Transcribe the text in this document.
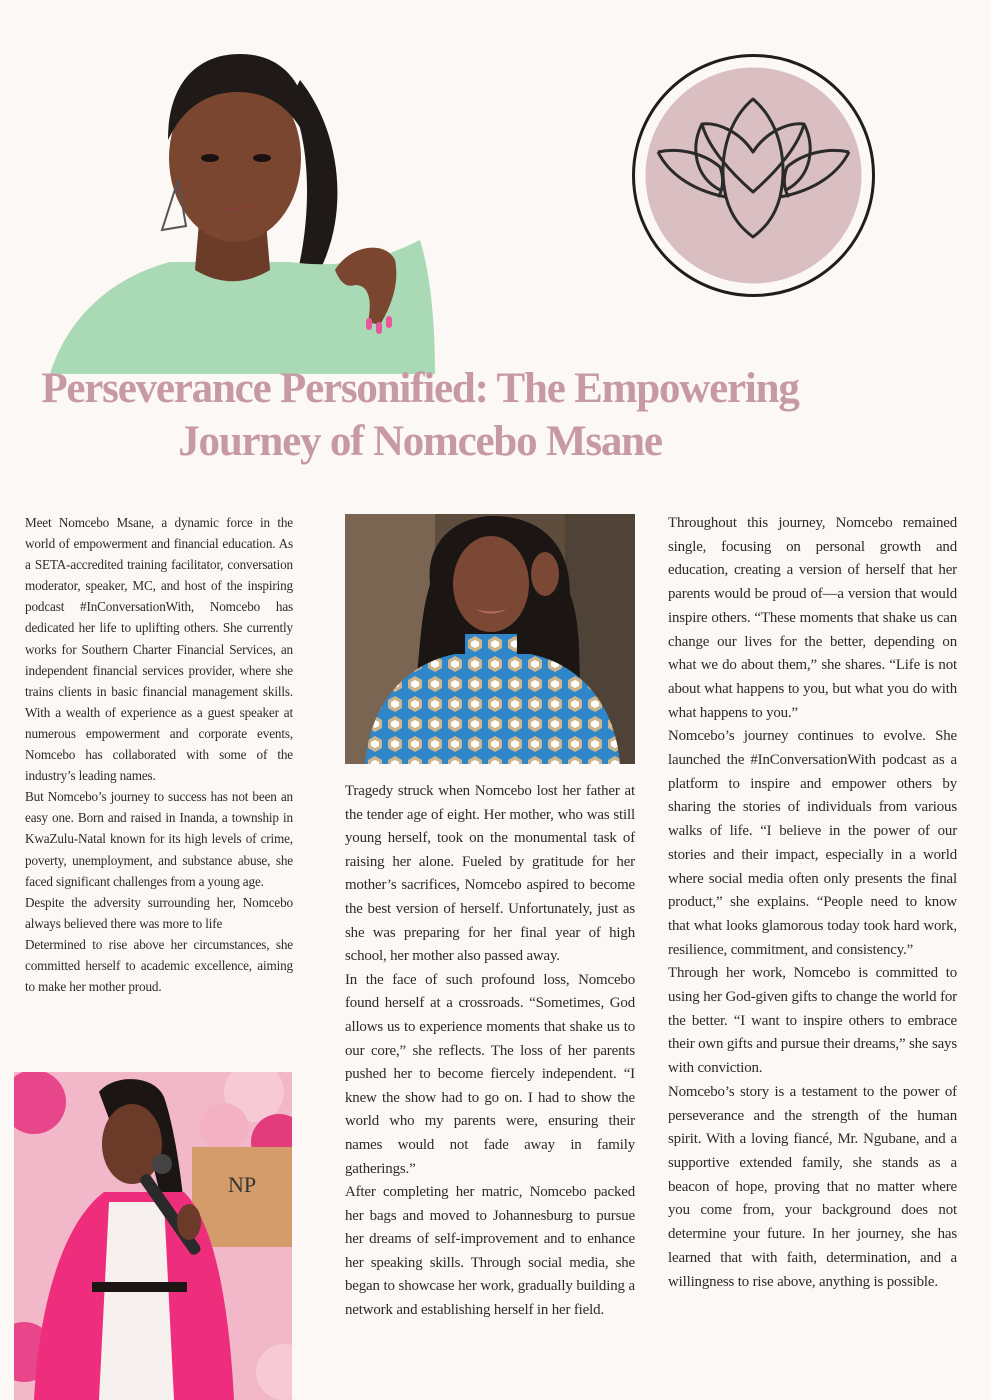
Perseverance Personified: The Empowering
Journey of Nomcebo Msane

Meet Nomcebo Msane, a dynamic force in the world of empowerment and financial education. As a SETA-accredited training facilitator, conversation moderator, speaker, MC, and host of the inspiring podcast #InConversationWith, Nomcebo has dedicated her life to uplifting others. She currently works for Southern Charter Financial Services, an independent financial services provider, where she trains clients in basic financial management skills. With a wealth of experience as a guest speaker at numerous empowerment and corporate events, Nomcebo has collaborated with some of the industry’s leading names.

But Nomcebo’s journey to success has not been an easy one. Born and raised in Inanda, a township in KwaZulu-Natal known for its high levels of crime, poverty, unemployment, and substance abuse, she faced significant challenges from a young age.

Despite the adversity surrounding her, Nomcebo always believed there was more to life

Determined to rise above her circumstances, she committed herself to academic excellence, aiming to make her mother proud.

Tragedy struck when Nomcebo lost her father at the tender age of eight. Her mother, who was still young herself, took on the monumental task of raising her alone. Fueled by gratitude for her mother’s sacrifices, Nomcebo aspired to become the best version of herself. Unfortunately, just as she was preparing for her final year of high school, her mother also passed away.

In the face of such profound loss, Nomcebo found herself at a crossroads. “Sometimes, God allows us to experience moments that shake us to our core,” she reflects. The loss of her parents pushed her to become fiercely independent. “I knew the show had to go on. I had to show the world who my parents were, ensuring their names would not fade away in family gatherings.”

After completing her matric, Nomcebo packed her bags and moved to Johannesburg to pursue her dreams of self-improvement and to enhance her speaking skills. Through social media, she began to showcase her work, gradually building a network and establishing herself in her field.

Throughout this journey, Nomcebo remained single, focusing on personal growth and education, creating a version of herself that her parents would be proud of—a version that would inspire others. “These moments that shake us can change our lives for the better, depending on what we do about them,” she shares. “Life is not about what happens to you, but what you do with what happens to you.”

Nomcebo’s journey continues to evolve. She launched the #InConversationWith podcast as a platform to inspire and empower others by sharing the stories of individuals from various walks of life. “I believe in the power of our stories and their impact, especially in a world where social media often only presents the final product,” she explains. “People need to know that what looks glamorous today took hard work, resilience, commitment, and consistency.”

Through her work, Nomcebo is committed to using her God-given gifts to change the world for the better. “I want to inspire others to embrace their own gifts and pursue their dreams,” she says with conviction.

Nomcebo’s story is a testament to the power of perseverance and the strength of the human spirit. With a loving fiancé, Mr. Ngubane, and a supportive extended family, she stands as a beacon of hope, proving that no matter where you come from, your background does not determine your future. In her journey, she has learned that with faith, determination, and a willingness to rise above, anything is possible.

NP
